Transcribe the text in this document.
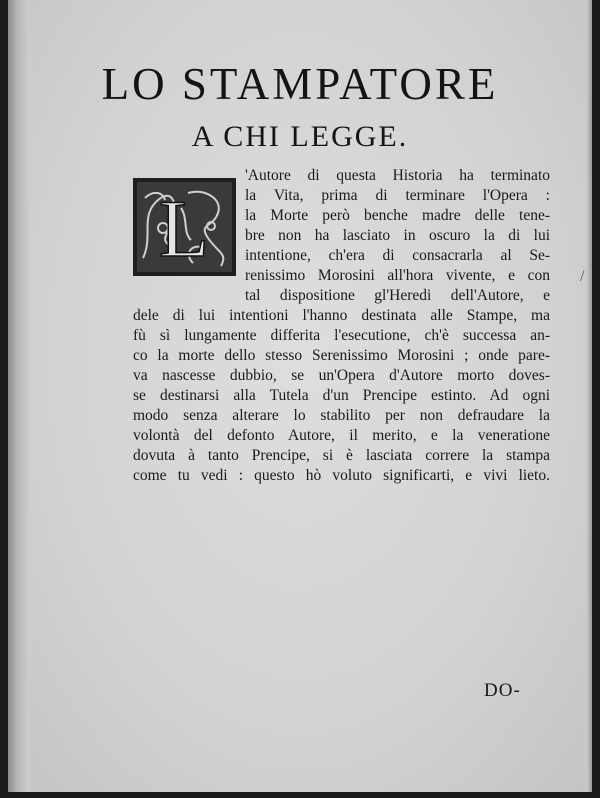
LO STAMPATORE
A CHI LEGGE.
L
'Autore di questa Historia ha terminato
la Vita, prima di terminare l'Opera :
la Morte però benche madre delle tene-
bre non ha lasciato in oscuro la di lui
intentione, ch'era di consacrarla al Se-
renissimo Morosini all'hora vivente, e con
tal dispositione gl'Heredi dell'Autore, e
dele di lui intentioni l'hanno destinata alle Stampe, ma
fù sì lungamente differita l'esecutione, ch'è successa an-
co la morte dello stesso Serenissimo Morosini ; onde pare-
va nascesse dubbio, se un'Opera d'Autore morto doves-
se destinarsi alla Tutela d'un Prencipe estinto. Ad ogni
modo senza alterare lo stabilito per non defraudare la
volontà del defonto Autore, il merito, e la veneratione
dovuta à tanto Prencipe, si è lasciata correre la stampa
come tu vedi : questo hò voluto significarti, e vivi lieto.
/
DO-
